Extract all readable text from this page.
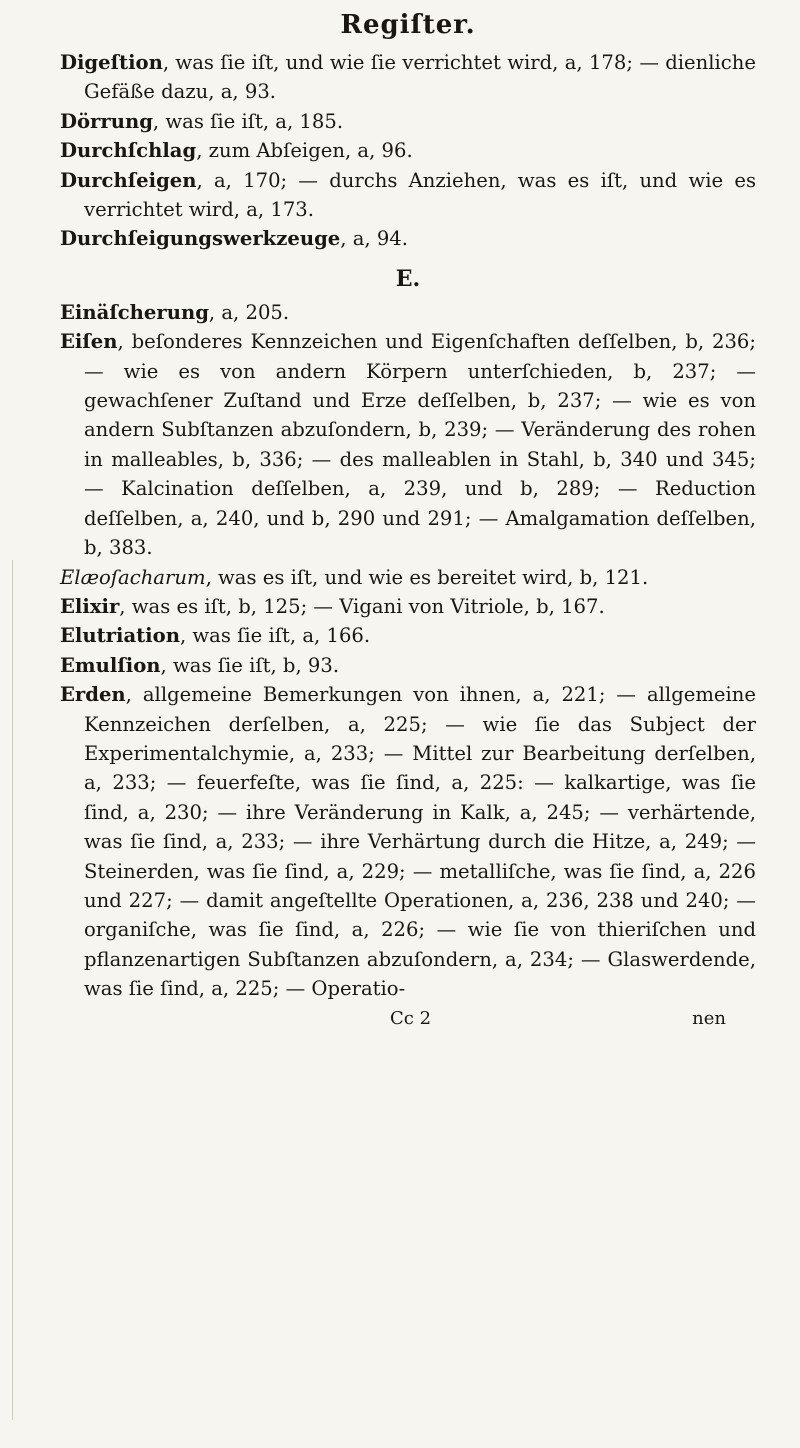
Regiſter.

Digeſtion, was ſie iſt, und wie ſie verrichtet wird, a, 178; — dienliche Gefäße dazu, a, 93.

Dörrung, was ſie iſt, a, 185.

Durchſchlag, zum Abſeigen, a, 96.

Durchſeigen, a, 170; — durchs Anziehen, was es iſt, und wie es verrichtet wird, a, 173.

Durchſeigungswerkzeuge, a, 94.

E.

Einäſcherung, a, 205.

Eiſen, beſonderes Kennzeichen und Eigenſchaften deſſelben, b, 236; — wie es von andern Körpern unterſchieden, b, 237; — gewachſener Zuſtand und Erze deſſelben, b, 237; — wie es von andern Subſtanzen abzuſondern, b, 239; — Veränderung des rohen in malleables, b, 336; — des malleablen in Stahl, b, 340 und 345; — Kalcination deſſelben, a, 239, und b, 289; — Reduction deſſelben, a, 240, und b, 290 und 291; — Amalgamation deſſelben, b, 383.

Elæoſacharum, was es iſt, und wie es bereitet wird, b, 121.

Elixir, was es iſt, b, 125; — Vigani von Vitriole, b, 167.

Elutriation, was ſie iſt, a, 166.

Emulſion, was ſie iſt, b, 93.

Erden, allgemeine Bemerkungen von ihnen, a, 221; — allgemeine Kennzeichen derſelben, a, 225; — wie ſie das Subject der Experimentalchymie, a, 233; — Mittel zur Bearbeitung derſelben, a, 233; — feuerfeſte, was ſie ſind, a, 225: — kalkartige, was ſie ſind, a, 230; — ihre Veränderung in Kalk, a, 245; — verhärtende, was ſie ſind, a, 233; — ihre Verhärtung durch die Hitze, a, 249; — Steinerden, was ſie ſind, a, 229; — metalliſche, was ſie ſind, a, 226 und 227; — damit angeſtellte Operationen, a, 236, 238 und 240; — organiſche, was ſie ſind, a, 226; — wie ſie von thieriſchen und pflanzenartigen Subſtanzen abzuſondern, a, 234; — Glaswerdende, was ſie ſind, a, 225; — Operatio-

Cc 2	nen
